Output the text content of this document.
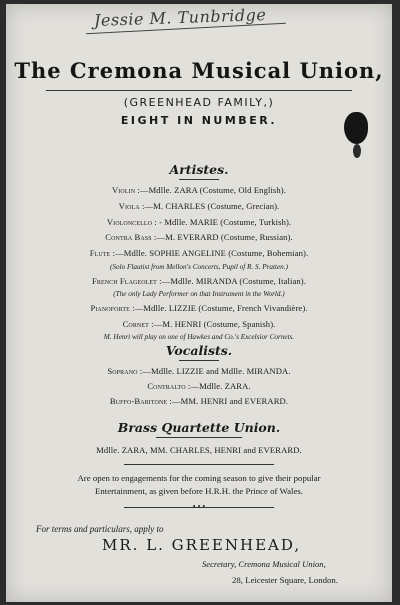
Jessie M. Tunbridge
The Cremona Musical Union,
(GREENHEAD FAMILY,)
EIGHT IN NUMBER.
Artistes.
Violin :—Mdlle. ZARA (Costume, Old English).
Viola :—M. CHARLES (Costume, Grecian).
Violoncello : - Mdlle. MARIE (Costume, Turkish).
Contra Bass :—M. EVERARD (Costume, Russian).
Flute :—Mdlle. SOPHIE ANGELINE (Costume, Bohemian).
(Solo Flautist from Mellon's Concerts, Pupil of R. S. Pratten.)
French Flageolet :—Mdlle. MIRANDA (Costume, Italian).
(The only Lady Performer on that Instrument in the World.)
Pianoforte :—Mdlle. LIZZIE (Costume, French Vivandière).
Cornet :—M. HENRI (Costume, Spanish).
M. Henri will play on one of Hawkes and Co.'s Excelsior Cornets.
Vocalists.
Soprano :—Mdlle. LIZZIE and Mdlle. MIRANDA.
Contralto :—Mdlle. ZARA.
Buffo-Baritone :—MM. HENRI and EVERARD.
Brass Quartette Union.
Mdlle. ZARA, MM. CHARLES, HENRI and EVERARD.
Are open to engagements for the coming season to give their popular
Entertainment, as given before H.R.H. the Prince of Wales.
• • •
For terms and particulars, apply to
MR. L. GREENHEAD,
Secretary, Cremona Musical Union,
28, Leicester Square, London.
